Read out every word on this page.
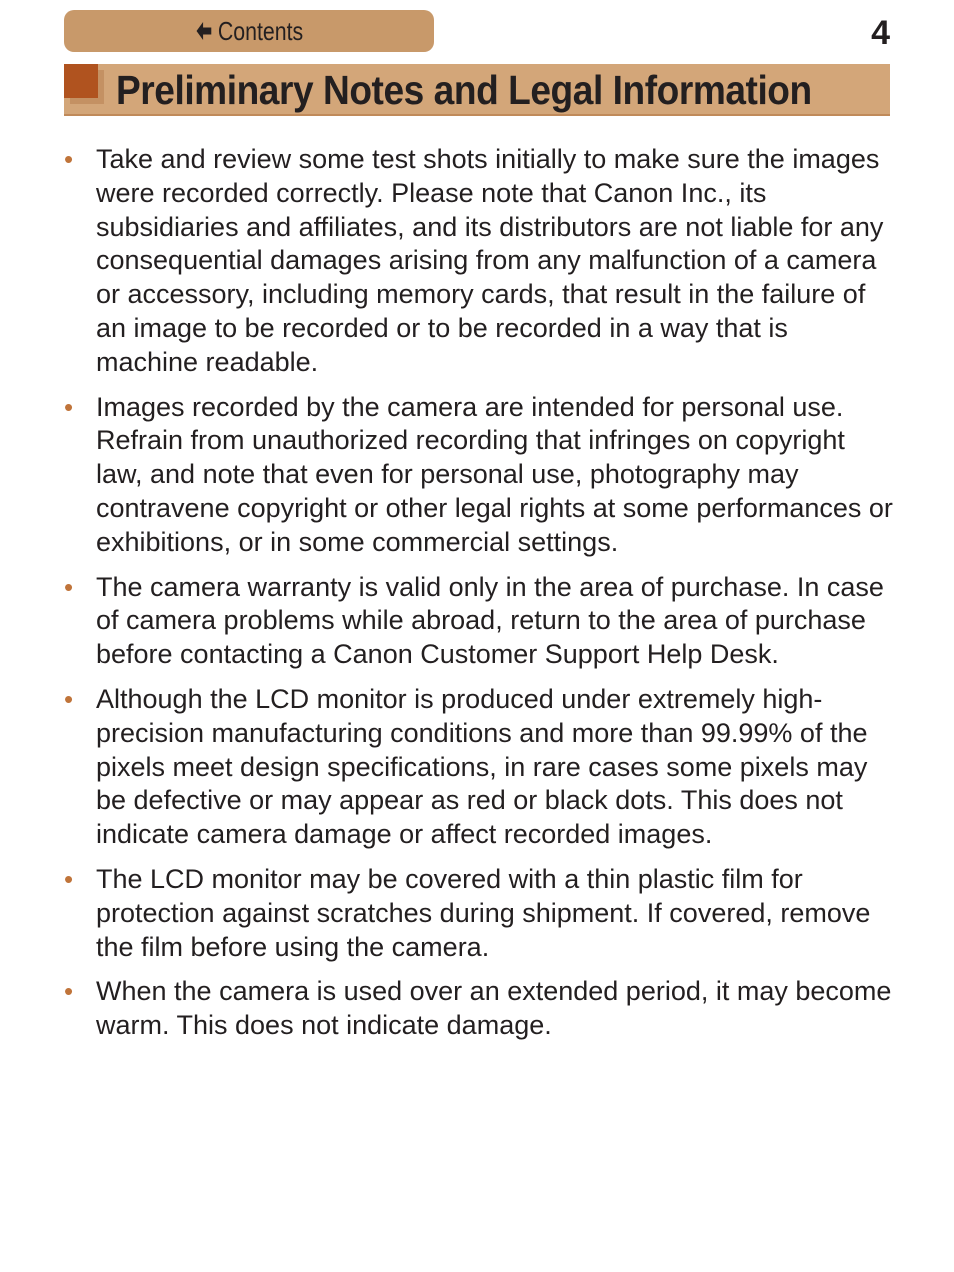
Contents	4
Preliminary Notes and Legal Information
• Take and review some test shots initially to make sure the images were recorded correctly. Please note that Canon Inc., its subsidiaries and affiliates, and its distributors are not liable for any consequential damages arising from any malfunction of a camera or accessory, including memory cards, that result in the failure of an image to be recorded or to be recorded in a way that is machine readable.
• Images recorded by the camera are intended for personal use. Refrain from unauthorized recording that infringes on copyright law, and note that even for personal use, photography may contravene copyright or other legal rights at some performances or exhibitions, or in some commercial settings.
• The camera warranty is valid only in the area of purchase. In case of camera problems while abroad, return to the area of purchase before contacting a Canon Customer Support Help Desk.
• Although the LCD monitor is produced under extremely high-precision manufacturing conditions and more than 99.99% of the pixels meet design specifications, in rare cases some pixels may be defective or may appear as red or black dots. This does not indicate camera damage or affect recorded images.
• The LCD monitor may be covered with a thin plastic film for protection against scratches during shipment. If covered, remove the film before using the camera.
• When the camera is used over an extended period, it may become warm. This does not indicate damage.
